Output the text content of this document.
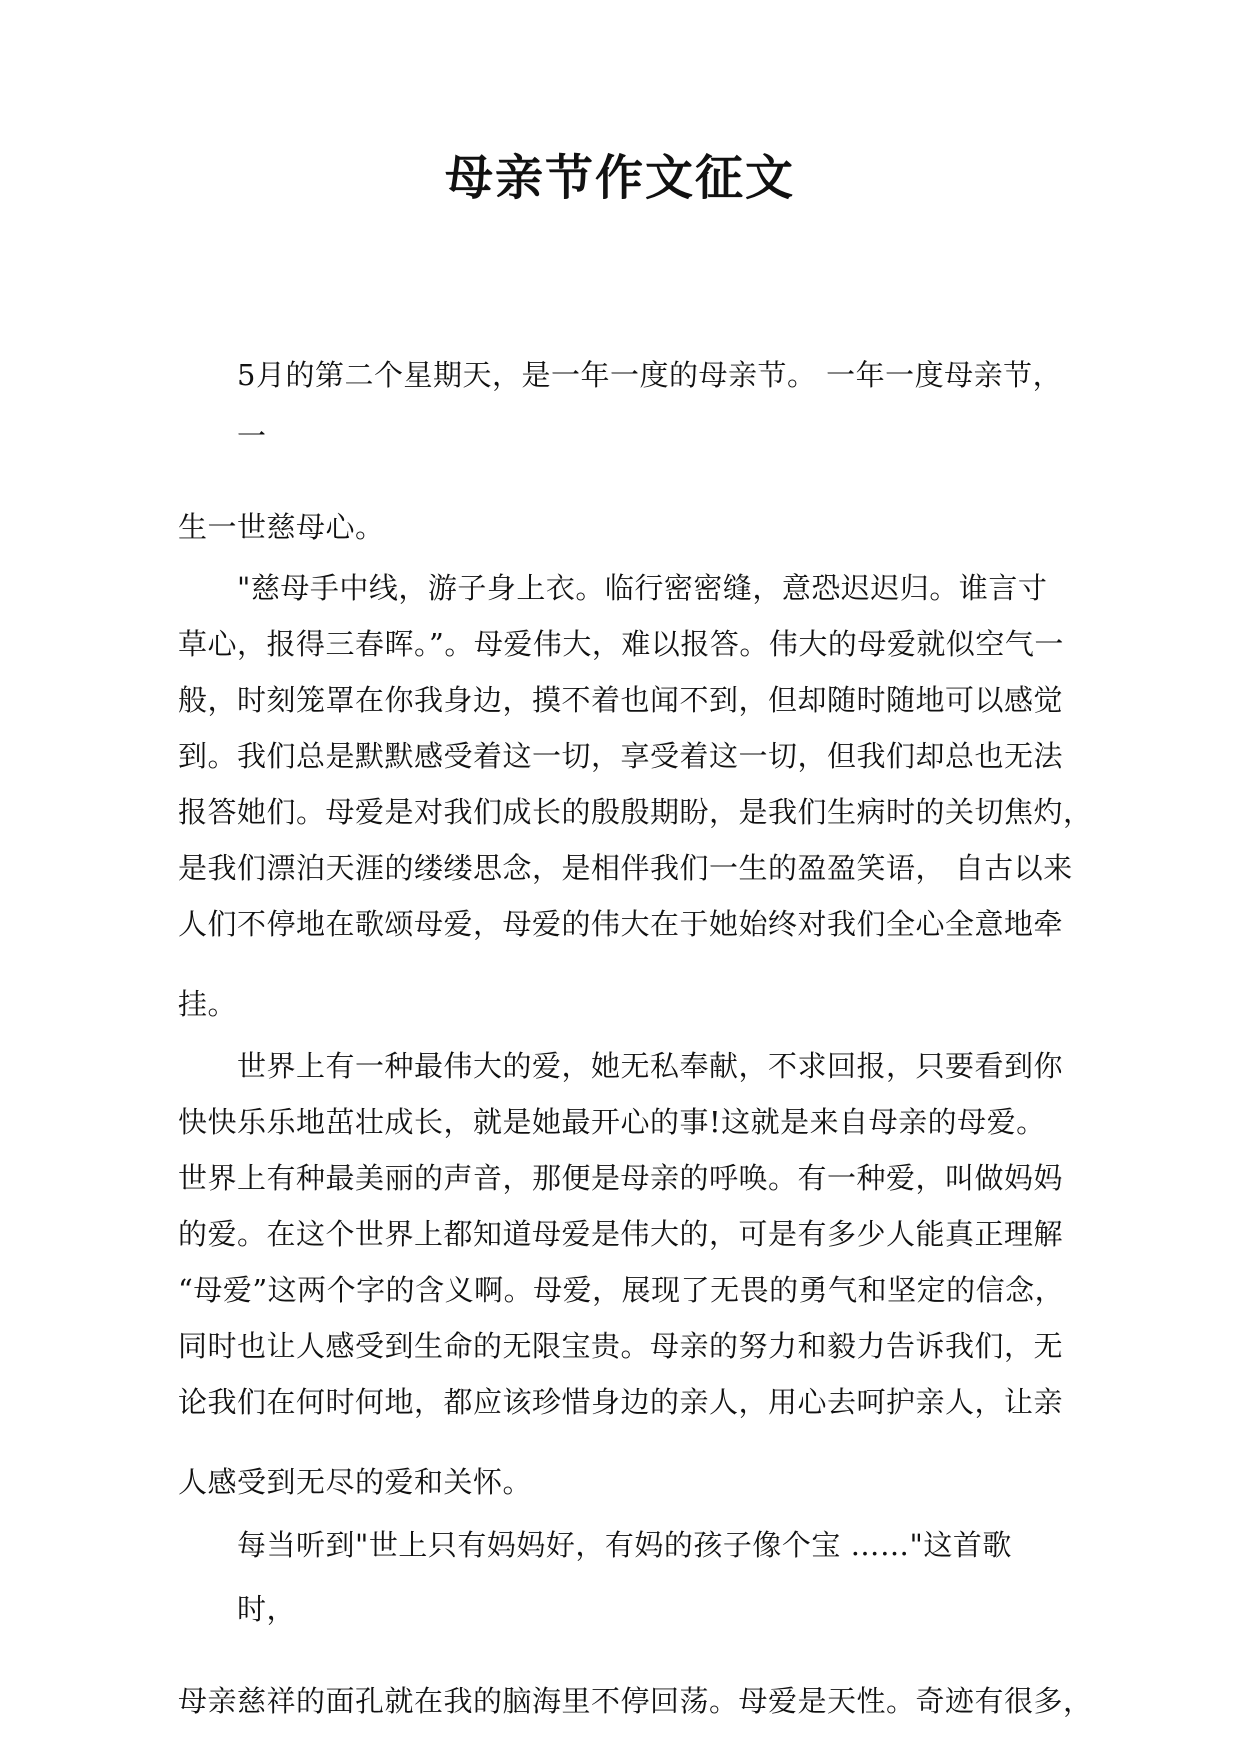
母亲节作文征文
5月的第二个星期天，是一年一度的母亲节。 一年一度母亲节，
一
生一世慈母心。
"慈母手中线，游子身上衣。临行密密缝，意恐迟迟归。谁言寸
草心，报得三春晖。”。母爱伟大，难以报答。伟大的母爱就似空气一
般，时刻笼罩在你我身边，摸不着也闻不到，但却随时随地可以感觉
到。我们总是默默感受着这一切，享受着这一切，但我们却总也无法
报答她们。母爱是对我们成长的殷殷期盼，是我们生病时的关切焦灼，
是我们漂泊天涯的缕缕思念，是相伴我们一生的盈盈笑语， 自古以来
人们不停地在歌颂母爱，母爱的伟大在于她始终对我们全心全意地牵
挂。
世界上有一种最伟大的爱，她无私奉献，不求回报，只要看到你
快快乐乐地茁壮成长，就是她最开心的事!这就是来自母亲的母爱。
世界上有种最美丽的声音，那便是母亲的呼唤。有一种爱，叫做妈妈
的爱。在这个世界上都知道母爱是伟大的，可是有多少人能真正理解
“母爱”这两个字的含义啊。母爱，展现了无畏的勇气和坚定的信念，
同时也让人感受到生命的无限宝贵。母亲的努力和毅力告诉我们，无
论我们在何时何地，都应该珍惜身边的亲人，用心去呵护亲人，让亲
人感受到无尽的爱和关怀。
每当听到"世上只有妈妈好，有妈的孩子像个宝 ……"这首歌
时，
母亲慈祥的面孔就在我的脑海里不停回荡。母爱是天性。奇迹有很多，
